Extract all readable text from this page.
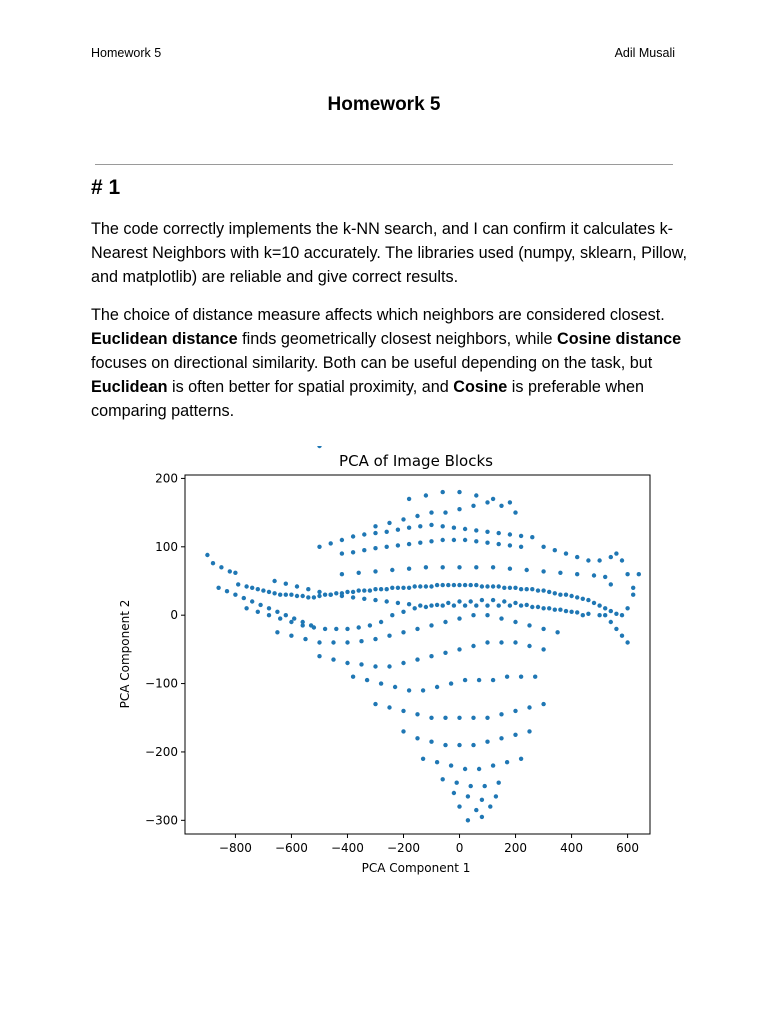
Homework 5	Adil Musali
Homework 5
# 1

The code correctly implements the k-NN search, and I can confirm it calculates k-Nearest Neighbors with k=10 accurately. The libraries used (numpy, sklearn, Pillow, and matplotlib) are reliable and give correct results.

The choice of distance measure affects which neighbors are considered closest. Euclidean distance finds geometrically closest neighbors, while Cosine distance focuses on directional similarity. Both can be useful depending on the task, but Euclidean is often better for spatial proximity, and Cosine is preferable when comparing patterns.

PCA of Image Blocks
−800 −600 −400 −200	0	200	400	600
−300
−200
−100
0
100
200
PCA Component 1
PCA Component 2
